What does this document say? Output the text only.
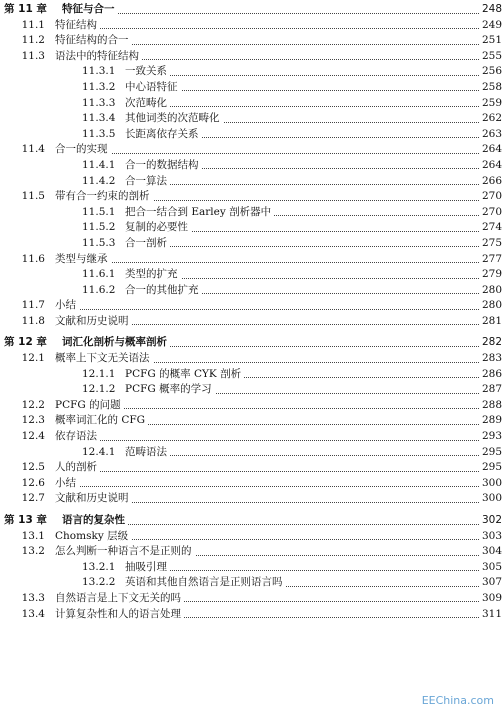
第 11 章 特征与合一	248
11.1 特征结构	249
11.2 特征结构的合一	251
11.3 语法中的特征结构	255
11.3.1 一致关系	256
11.3.2 中心语特征	258
11.3.3 次范畴化	259
11.3.4 其他词类的次范畴化	262
11.3.5 长距离依存关系	263
11.4 合一的实现	264
11.4.1 合一的数据结构	264
11.4.2 合一算法	266
11.5 带有合一约束的剖析	270
11.5.1 把合一结合到 Earley 剖析器中	270
11.5.2 复制的必要性	274
11.5.3 合一剖析	275
11.6 类型与继承	277
11.6.1 类型的扩充	279
11.6.2 合一的其他扩充	280
11.7 小结	280
11.8 文献和历史说明	281
第 12 章 词汇化剖析与概率剖析	282
12.1 概率上下文无关语法	283
12.1.1 PCFG 的概率 CYK 剖析	286
12.1.2 PCFG 概率的学习	287
12.2 PCFG 的问题	288
12.3 概率词汇化的 CFG	289
12.4 依存语法	293
12.4.1 范畴语法	295
12.5 人的剖析	295
12.6 小结	300
12.7 文献和历史说明	300
第 13 章 语言的复杂性	302
13.1 Chomsky 层级	303
13.2 怎么判断一种语言不是正则的	304
13.2.1 抽吸引理	305
13.2.2 英语和其他自然语言是正则语言吗	307
13.3 自然语言是上下文无关的吗	309
13.4 计算复杂性和人的语言处理	311
EEChina.com
